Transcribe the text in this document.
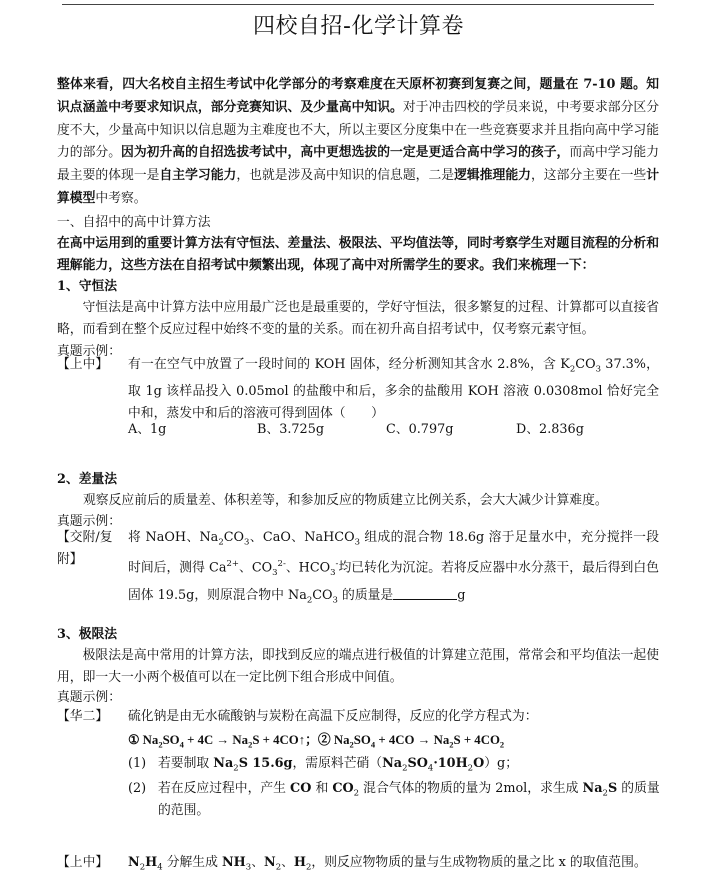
四校自招-化学计算卷
整体来看，四大名校自主招生考试中化学部分的考察难度在天原杯初赛到复赛之间，题量在 7-10 题。知识点涵盖中考要求知识点，部分竞赛知识、及少量高中知识。对于冲击四校的学员来说，中考要求部分区分度不大，少量高中知识以信息题为主难度也不大，所以主要区分度集中在一些竞赛要求并且指向高中学习能力的部分。因为初升高的自招选拔考试中，高中更想选拔的一定是更适合高中学习的孩子，而高中学习能力最主要的体现一是自主学习能力，也就是涉及高中知识的信息题，二是逻辑推理能力，这部分主要在一些计算模型中考察。
一、自招中的高中计算方法
在高中运用到的重要计算方法有守恒法、差量法、极限法、平均值法等，同时考察学生对题目流程的分析和理解能力，这些方法在自招考试中频繁出现，体现了高中对所需学生的要求。我们来梳理一下：
1、守恒法
守恒法是高中计算方法中应用最广泛也是最重要的，学好守恒法，很多繁复的过程、计算都可以直接省略，而看到在整个反应过程中始终不变的量的关系。而在初升高自招考试中，仅考察元素守恒。
真题示例：
【上中】 有一在空气中放置了一段时间的 KOH 固体，经分析测知其含水 2.8%，含 $K_2CO_3$ 37.3%，取 1g 该样品投入 0.05mol 的盐酸中和后，多余的盐酸用 KOH 溶液 0.0308mol 恰好完全中和，蒸发中和后的溶液可得到固体（　　）
A、1g	B、3.725g	C、0.797g	D、2.836g
2、差量法
观察反应前后的质量差、体积差等，和参加反应的物质建立比例关系，会大大减少计算难度。
真题示例：
【交附/复
附】
将 NaOH、$Na_2CO_3$、CaO、NaHCO$_3$ 组成的混合物 18.6g 溶于足量水中，充分搅拌一段时间后，测得 $Ca^{2+}$、$CO_3^{2-}$、$HCO_3^-$均已转化为沉淀。若将反应器中水分蒸干，最后得到白色固体 19.5g，则原混合物中 $Na_2CO_3$ 的质量是	g
3、极限法
极限法是高中常用的计算方法，即找到反应的端点进行极值的计算建立范围，常常会和平均值法一起使用，即一大一小两个极值可以在一定比例下组合形成中间值。
真题示例：
【华二】 硫化钠是由无水硫酸钠与炭粉在高温下反应制得，反应的化学方程式为：
① $Na_2SO_4 + 4C \to Na_2S$ + 4CO↑；② $Na_2SO_4 + 4CO \to Na_2S + 4CO_2$
(1) 若要制取 $Na_2S$ 15.6g，需原料芒硝$(Na_2SO_4\cdot 10H_2O)g$；
(2) 若在反应过程中，产生 CO 和 $CO_2$ 混合气体的物质的量为 2mol，求生成 $Na_2S$ 的质量
的范围。
【上中】 $N_2H_4$ 分解生成 $NH_3$、$N_2$、$H_2$，则反应物物质的量与生成物物质的量之比 x 的取值范围。
